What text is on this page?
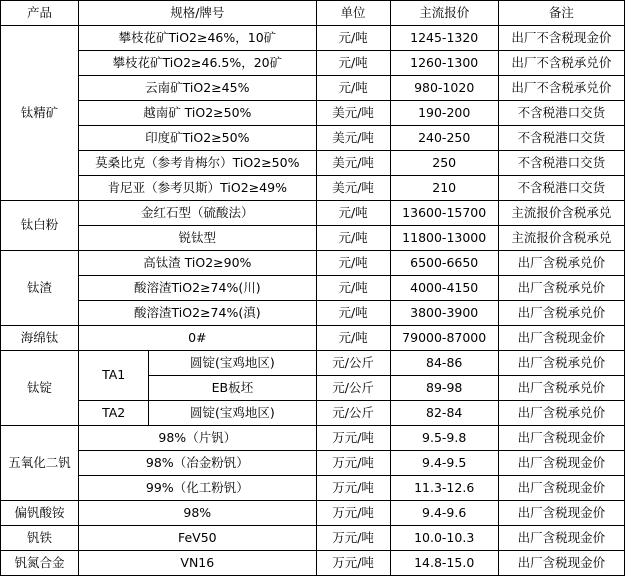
产品	规格/牌号		单位	主流报价	备注
钛精矿	攀枝花矿TiO2≥46%，10矿		元/吨	1245-1320	出厂不含税现金价
	攀枝花矿TiO2≥46.5%，20矿		元/吨	1260-1300	出厂不含税承兑价
	云南矿TiO2≥45%		元/吨	980-1020	出厂不含税承兑价
	越南矿 TiO2≥50%		美元/吨	190-200	不含税港口交货
	印度矿TiO2≥50%		美元/吨	240-250	不含税港口交货
	莫桑比克（参考肯梅尔）TiO2≥50%		美元/吨	250	不含税港口交货
	肯尼亚（参考贝斯）TiO2≥49%		美元/吨	210	不含税港口交货
钛白粉	金红石型（硫酸法）		元/吨	13600-15700	主流报价含税承兑
	锐钛型		元/吨	11800-13000	主流报价含税承兑
钛渣	高钛渣 TiO2≥90%		元/吨	6500-6650	出厂含税承兑价
	酸溶渣TiO2≥74%(川)		元/吨	4000-4150	出厂含税承兑价
	酸溶渣TiO2≥74%(滇)		元/吨	3800-3900	出厂含税承兑价
海绵钛	0#		元/吨	79000-87000	出厂含税现金价
钛锭	TA1	圆锭(宝鸡地区)	元/公斤	84-86	出厂含税承兑价
		EB板坯	元/公斤	89-98	出厂含税承兑价
	TA2	圆锭(宝鸡地区)	元/公斤	82-84	出厂含税承兑价
五氧化二钒	98%（片钒）		万元/吨	9.5-9.8	出厂含税现金价
	98%（冶金粉钒）		万元/吨	9.4-9.5	出厂含税现金价
	99%（化工粉钒）		万元/吨	11.3-12.6	出厂含税现金价
偏钒酸铵	98%		万元/吨	9.4-9.6	出厂含税现金价
钒铁	FeV50		万元/吨	10.0-10.3	出厂含税现金价
钒氮合金	VN16		万元/吨	14.8-15.0	出厂含税现金价
